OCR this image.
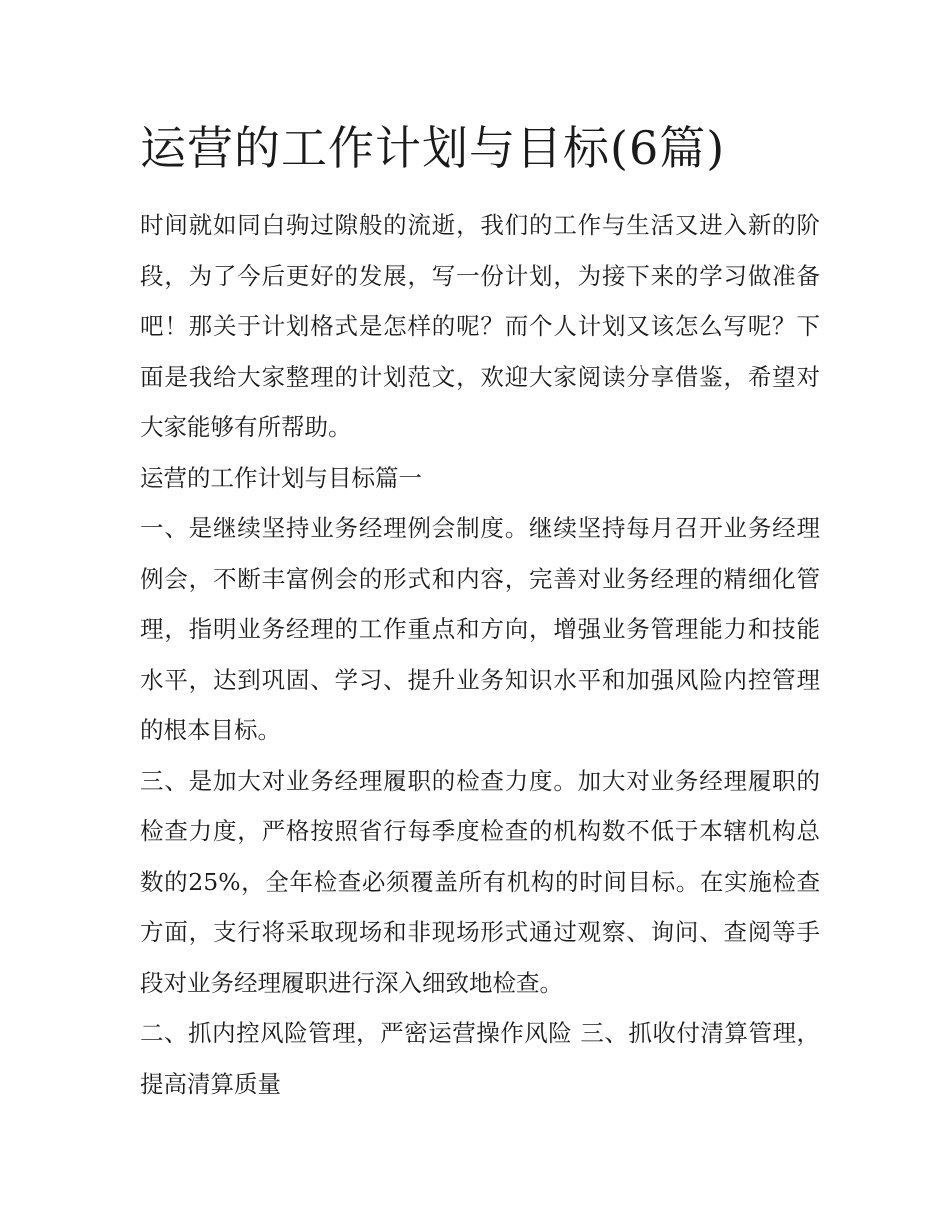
运营的工作计划与目标(6篇)

时间就如同白驹过隙般的流逝，我们的工作与生活又进入新的阶段，为了今后更好的发展，写一份计划，为接下来的学习做准备吧！那关于计划格式是怎样的呢？而个人计划又该怎么写呢？下面是我给大家整理的计划范文，欢迎大家阅读分享借鉴，希望对大家能够有所帮助。

运营的工作计划与目标篇一

一、是继续坚持业务经理例会制度。继续坚持每月召开业务经理例会，不断丰富例会的形式和内容，完善对业务经理的精细化管理，指明业务经理的工作重点和方向，增强业务管理能力和技能水平，达到巩固、学习、提升业务知识水平和加强风险内控管理的根本目标。

三、是加大对业务经理履职的检查力度。加大对业务经理履职的检查力度，严格按照省行每季度检查的机构数不低于本辖机构总数的25%，全年检查必须覆盖所有机构的时间目标。在实施检查方面，支行将采取现场和非现场形式通过观察、询问、查阅等手段对业务经理履职进行深入细致地检查。

二、抓内控风险管理，严密运营操作风险 三、抓收付清算管理，提高清算质量
